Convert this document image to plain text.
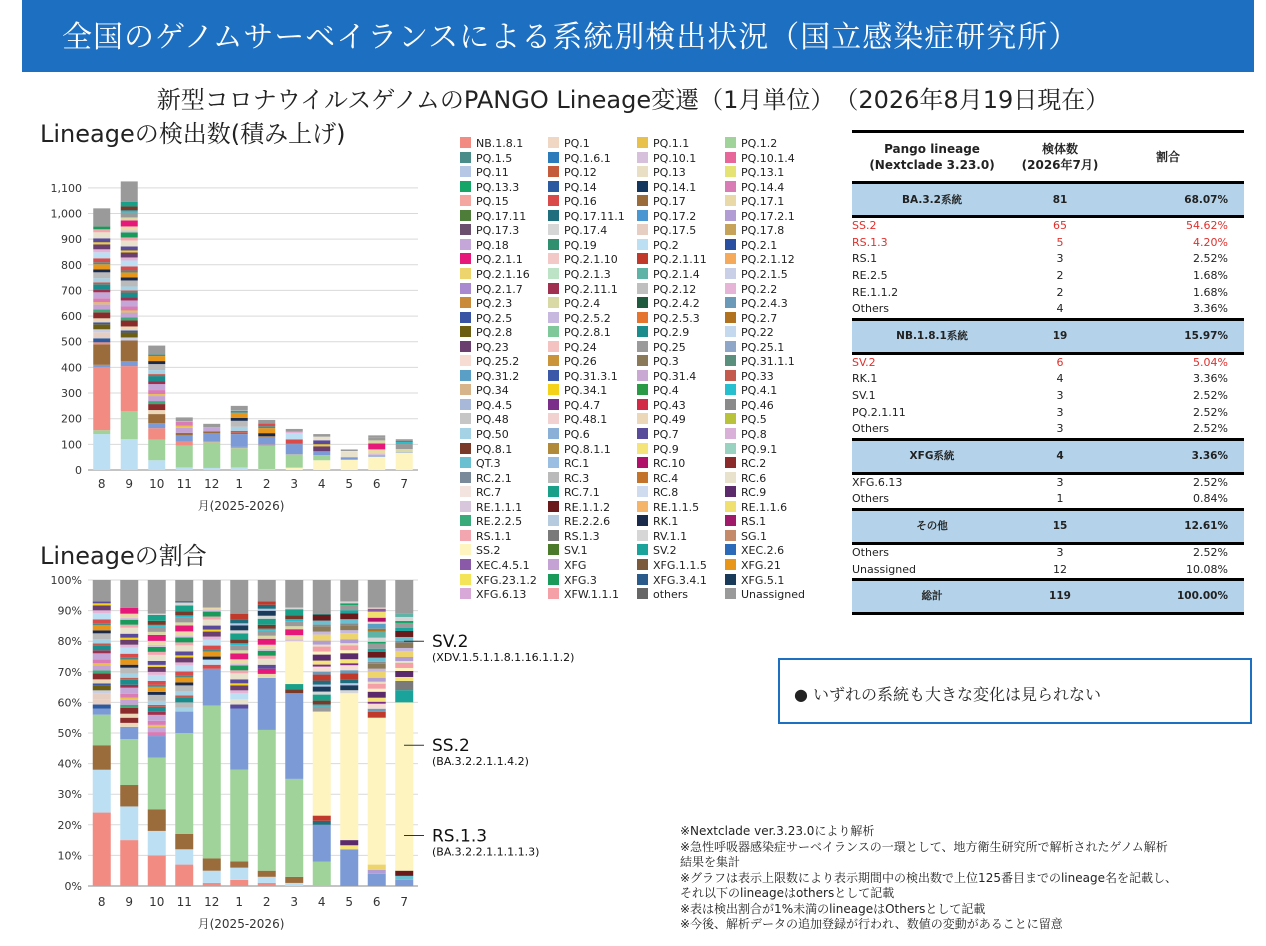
全国のゲノムサーベイランスによる系統別検出状況（国立感染症研究所）
新型コロナウイルスゲノムのPANGO Lineage変遷（1月単位）　（2026年8月19日現在）
Lineageの検出数(積み上げ)
Lineageの割合
0
100
200
300
400
500
600
700
800
900
1,000
1,100
8 9 10 11 12 1 2 3 4 5 6 7
月(2025-2026)
0%
10%
20%
30%
40%
50%
60%
70%
80%
90%
100%
8 9 10 11 12 1 2 3 4 5 6 7
月(2025-2026)
SV.2
(XDV.1.5.1.1.8.1.16.1.1.2)
SS.2
(BA.3.2.2.1.1.4.2)
RS.1.3
(BA.3.2.2.1.1.1.1.3)
NB.1.8.1	PQ.1	PQ.1.1	PQ.1.2
PQ.1.5	PQ.1.6.1	PQ.10.1	PQ.10.1.4
PQ.11	PQ.12	PQ.13	PQ.13.1
PQ.13.3	PQ.14	PQ.14.1	PQ.14.4
PQ.15	PQ.16	PQ.17	PQ.17.1
PQ.17.11	PQ.17.11.1	PQ.17.2	PQ.17.2.1
PQ.17.3	PQ.17.4	PQ.17.5	PQ.17.8
PQ.18	PQ.19	PQ.2	PQ.2.1
PQ.2.1.1	PQ.2.1.10	PQ.2.1.11	PQ.2.1.12
PQ.2.1.16	PQ.2.1.3	PQ.2.1.4	PQ.2.1.5
PQ.2.1.7	PQ.2.11.1	PQ.2.12	PQ.2.2
PQ.2.3	PQ.2.4	PQ.2.4.2	PQ.2.4.3
PQ.2.5	PQ.2.5.2	PQ.2.5.3	PQ.2.7
PQ.2.8	PQ.2.8.1	PQ.2.9	PQ.22
PQ.23	PQ.24	PQ.25	PQ.25.1
PQ.25.2	PQ.26	PQ.3	PQ.31.1.1
PQ.31.2	PQ.31.3.1	PQ.31.4	PQ.33
PQ.34	PQ.34.1	PQ.4	PQ.4.1
PQ.4.5	PQ.4.7	PQ.43	PQ.46
PQ.48	PQ.48.1	PQ.49	PQ.5
PQ.50	PQ.6	PQ.7	PQ.8
PQ.8.1	PQ.8.1.1	PQ.9	PQ.9.1
QT.3	RC.1	RC.10	RC.2
RC.2.1	RC.3	RC.4	RC.6
RC.7	RC.7.1	RC.8	RC.9
RE.1.1.1	RE.1.1.2	RE.1.1.5	RE.1.1.6
RE.2.2.5	RE.2.2.6	RK.1	RS.1
RS.1.1	RS.1.3	RV.1.1	SG.1
SS.2	SV.1	SV.2	XEC.2.6
XEC.4.5.1	XFG	XFG.1.1.5	XFG.21
XFG.23.1.2	XFG.3	XFG.3.4.1	XFG.5.1
XFG.6.13	XFW.1.1.1	others	Unassigned
Pango lineage
(Nextclade 3.23.0)	検体数
(2026年7月)	割合
BA.3.2系統	81	68.07%
SS.2	65	54.62%
RS.1.3	5	4.20%
RS.1	3	2.52%
RE.2.5	2	1.68%
RE.1.1.2	2	1.68%
Others	4	3.36%
NB.1.8.1系統	19	15.97%
SV.2	6	5.04%
RK.1	4	3.36%
SV.1	3	2.52%
PQ.2.1.11	3	2.52%
Others	3	2.52%
XFG系統	4	3.36%
XFG.6.13	3	2.52%
Others	1	0.84%
その他	15	12.61%
Others	3	2.52%
Unassigned	12	10.08%
総計	119	100.00%
● いずれの系統も大きな変化は見られない
※Nextclade ver.3.23.0により解析
※急性呼吸器感染症サーベイランスの一環として、地方衛生研究所で解析されたゲノム解析
結果を集計
※グラフは表示上限数により表示期間中の検出数で上位125番目までのlineage名を記載し、
それ以下のlineageはothersとして記載
※表は検出割合が1%未満のlineageはOthersとして記載
※今後、解析データの追加登録が行われ、数値の変動があることに留意
